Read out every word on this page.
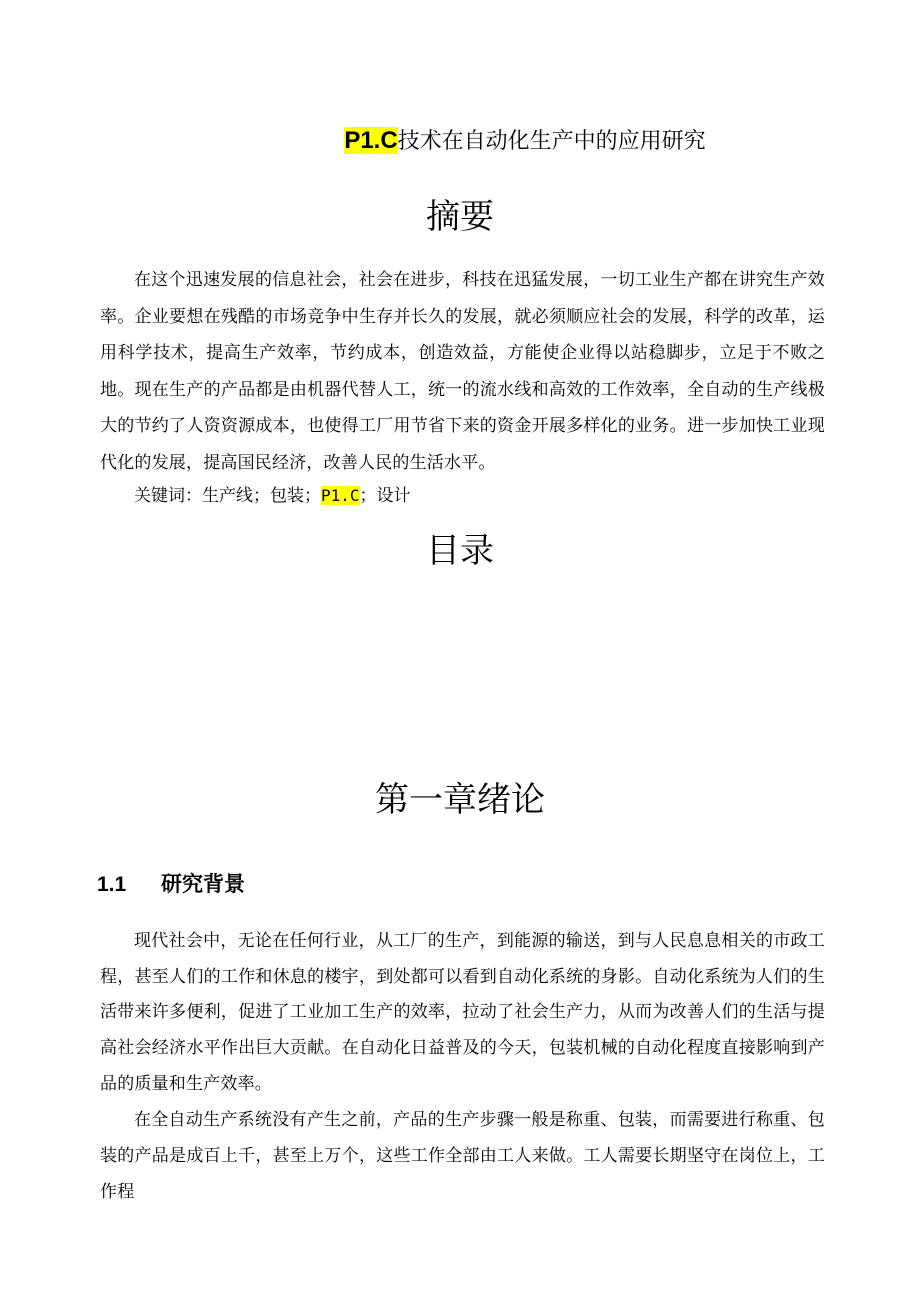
P1.C技术在自动化生产中的应用研究
摘要

在这个迅速发展的信息社会，社会在进步，科技在迅猛发展，一切工业生产都在讲究生产效率。企业要想在残酷的市场竞争中生存并长久的发展，就必须顺应社会的发展，科学的改革，运用科学技术，提高生产效率，节约成本，创造效益，方能使企业得以站稳脚步，立足于不败之地。现在生产的产品都是由机器代替人工，统一的流水线和高效的工作效率，全自动的生产线极大的节约了人资资源成本，也使得工厂用节省下来的资金开展多样化的业务。进一步加快工业现代化的发展，提高国民经济，改善人民的生活水平。

关键词：生产线；包装；P1.C；设计
目录
第一章绪论
1.1 研究背景

现代社会中，无论在任何行业，从工厂的生产，到能源的输送，到与人民息息相关的市政工程，甚至人们的工作和休息的楼宇，到处都可以看到自动化系统的身影。自动化系统为人们的生活带来许多便利，促进了工业加工生产的效率，拉动了社会生产力，从而为改善人们的生活与提高社会经济水平作出巨大贡献。在自动化日益普及的今天，包装机械的自动化程度直接影响到产品的质量和生产效率。

在全自动生产系统没有产生之前，产品的生产步骤一般是称重、包装，而需要进行称重、包装的产品是成百上千，甚至上万个，这些工作全部由工人来做。工人需要长期坚守在岗位上，工作程
